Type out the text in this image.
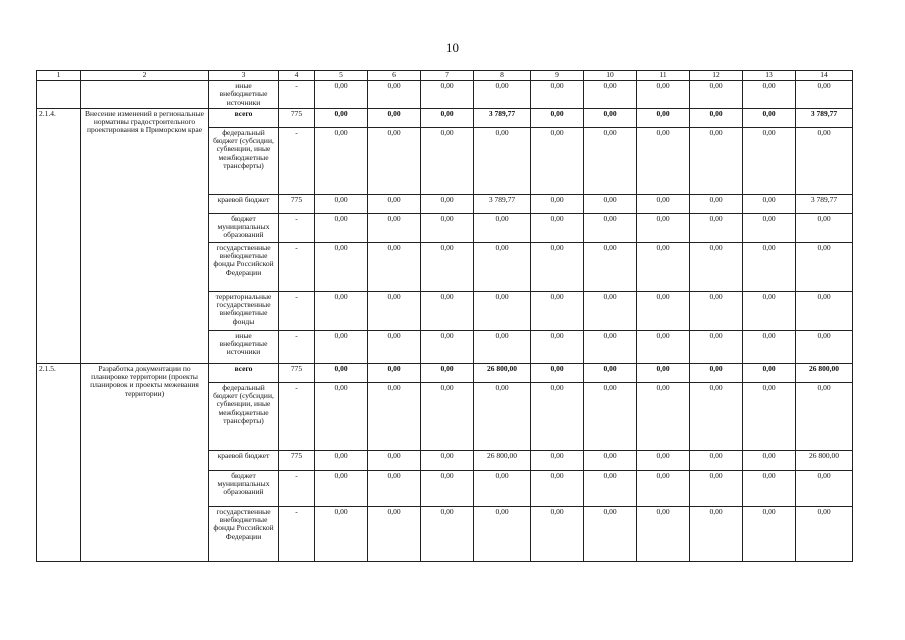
10
1	2	3	4	5	6	7	8	9	10	11	12	13	14
		иные внебюджетные источники	-	0,00	0,00	0,00	0,00	0,00	0,00	0,00	0,00	0,00	0,00
2.1.4.	Внесение изменений в региональные нормативы градостроительного проектирования в Приморском крае	всего	775	0,00	0,00	0,00	3 789,77	0,00	0,00	0,00	0,00	0,00	3 789,77
		федеральный бюджет (субсидии, субвенции, иные межбюджетные трансферты)	-	0,00	0,00	0,00	0,00	0,00	0,00	0,00	0,00	0,00	0,00
		краевой бюджет	775	0,00	0,00	0,00	3 789,77	0,00	0,00	0,00	0,00	0,00	3 789,77
		бюджет муниципальных образований	-	0,00	0,00	0,00	0,00	0,00	0,00	0,00	0,00	0,00	0,00
		государственные внебюджетные фонды Российской Федерации	-	0,00	0,00	0,00	0,00	0,00	0,00	0,00	0,00	0,00	0,00
		территориальные государственные внебюджетные фонды	-	0,00	0,00	0,00	0,00	0,00	0,00	0,00	0,00	0,00	0,00
		иные внебюджетные источники	-	0,00	0,00	0,00	0,00	0,00	0,00	0,00	0,00	0,00	0,00
2.1.5.	Разработка документации по планировке территории (проекты планировок и проекты межевания территории)	всего	775	0,00	0,00	0,00	26 800,00	0,00	0,00	0,00	0,00	0,00	26 800,00
		федеральный бюджет (субсидии, субвенции, иные межбюджетные трансферты)	-	0,00	0,00	0,00	0,00	0,00	0,00	0,00	0,00	0,00	0,00
		краевой бюджет	775	0,00	0,00	0,00	26 800,00	0,00	0,00	0,00	0,00	0,00	26 800,00
		бюджет муниципальных образований	-	0,00	0,00	0,00	0,00	0,00	0,00	0,00	0,00	0,00	0,00
		государственные внебюджетные фонды Российской Федерации	-	0,00	0,00	0,00	0,00	0,00	0,00	0,00	0,00	0,00	0,00
